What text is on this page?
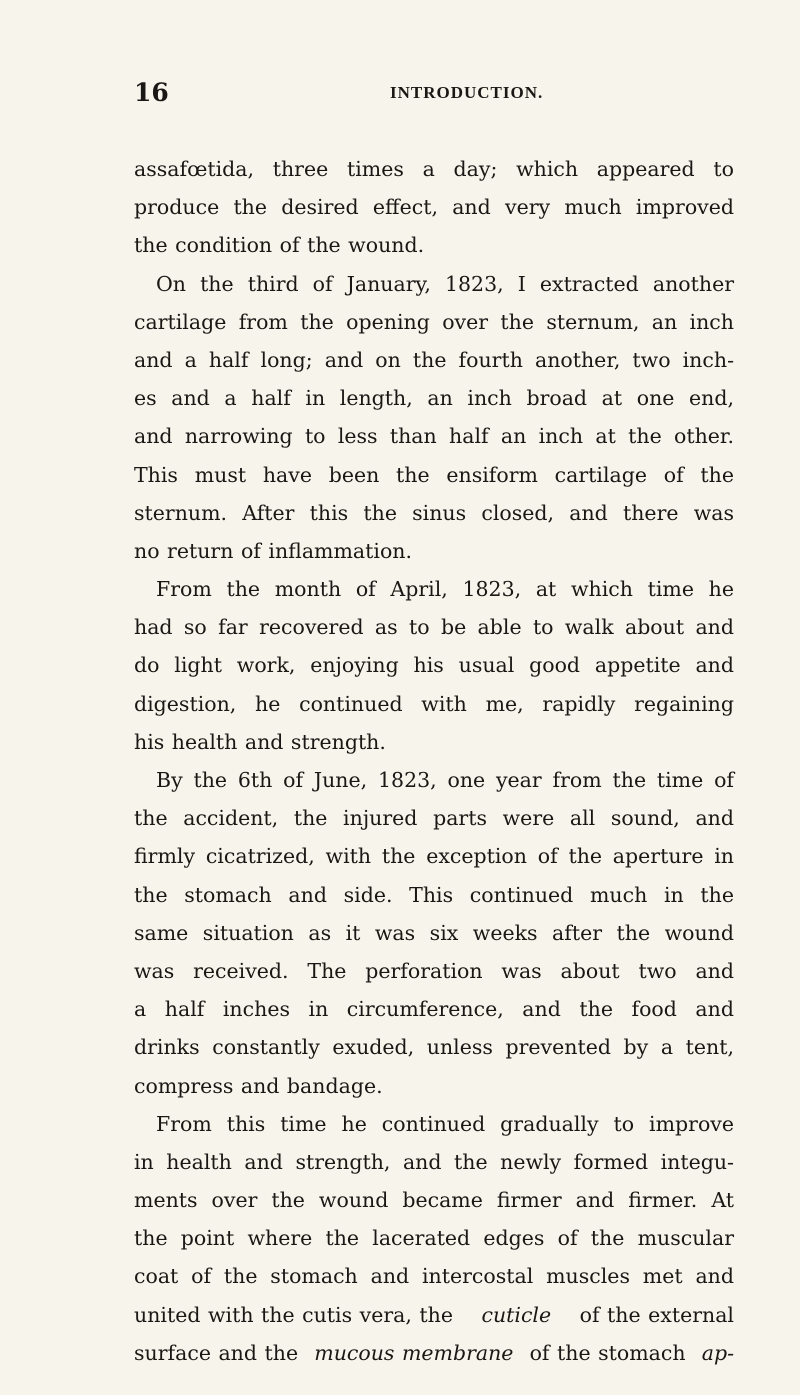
16	INTRODUCTION.
assafœtida, three times a day; which appeared to
produce the desired effect, and very much improved
the condition of the wound.
On the third of January, 1823, I extracted another
cartilage from the opening over the sternum, an inch
and a half long; and on the fourth another, two inch-
es and a half in length, an inch broad at one end,
and narrowing to less than half an inch at the other.
This must have been the ensiform cartilage of the
sternum. After this the sinus closed, and there was
no return of inflammation.
From the month of April, 1823, at which time he
had so far recovered as to be able to walk about and
do light work, enjoying his usual good appetite and
digestion, he continued with me, rapidly regaining
his health and strength.
By the 6th of June, 1823, one year from the time of
the accident, the injured parts were all sound, and
firmly cicatrized, with the exception of the aperture in
the stomach and side. This continued much in the
same situation as it was six weeks after the wound
was received. The perforation was about two and
a half inches in circumference, and the food and
drinks constantly exuded, unless prevented by a tent,
compress and bandage.
From this time he continued gradually to improve
in health and strength, and the newly formed integu-
ments over the wound became firmer and firmer. At
the point where the lacerated edges of the muscular
coat of the stomach and intercostal muscles met and
united with the cutis vera, the cuticle of the external
surface and the mucous membrane of the stomach ap-
